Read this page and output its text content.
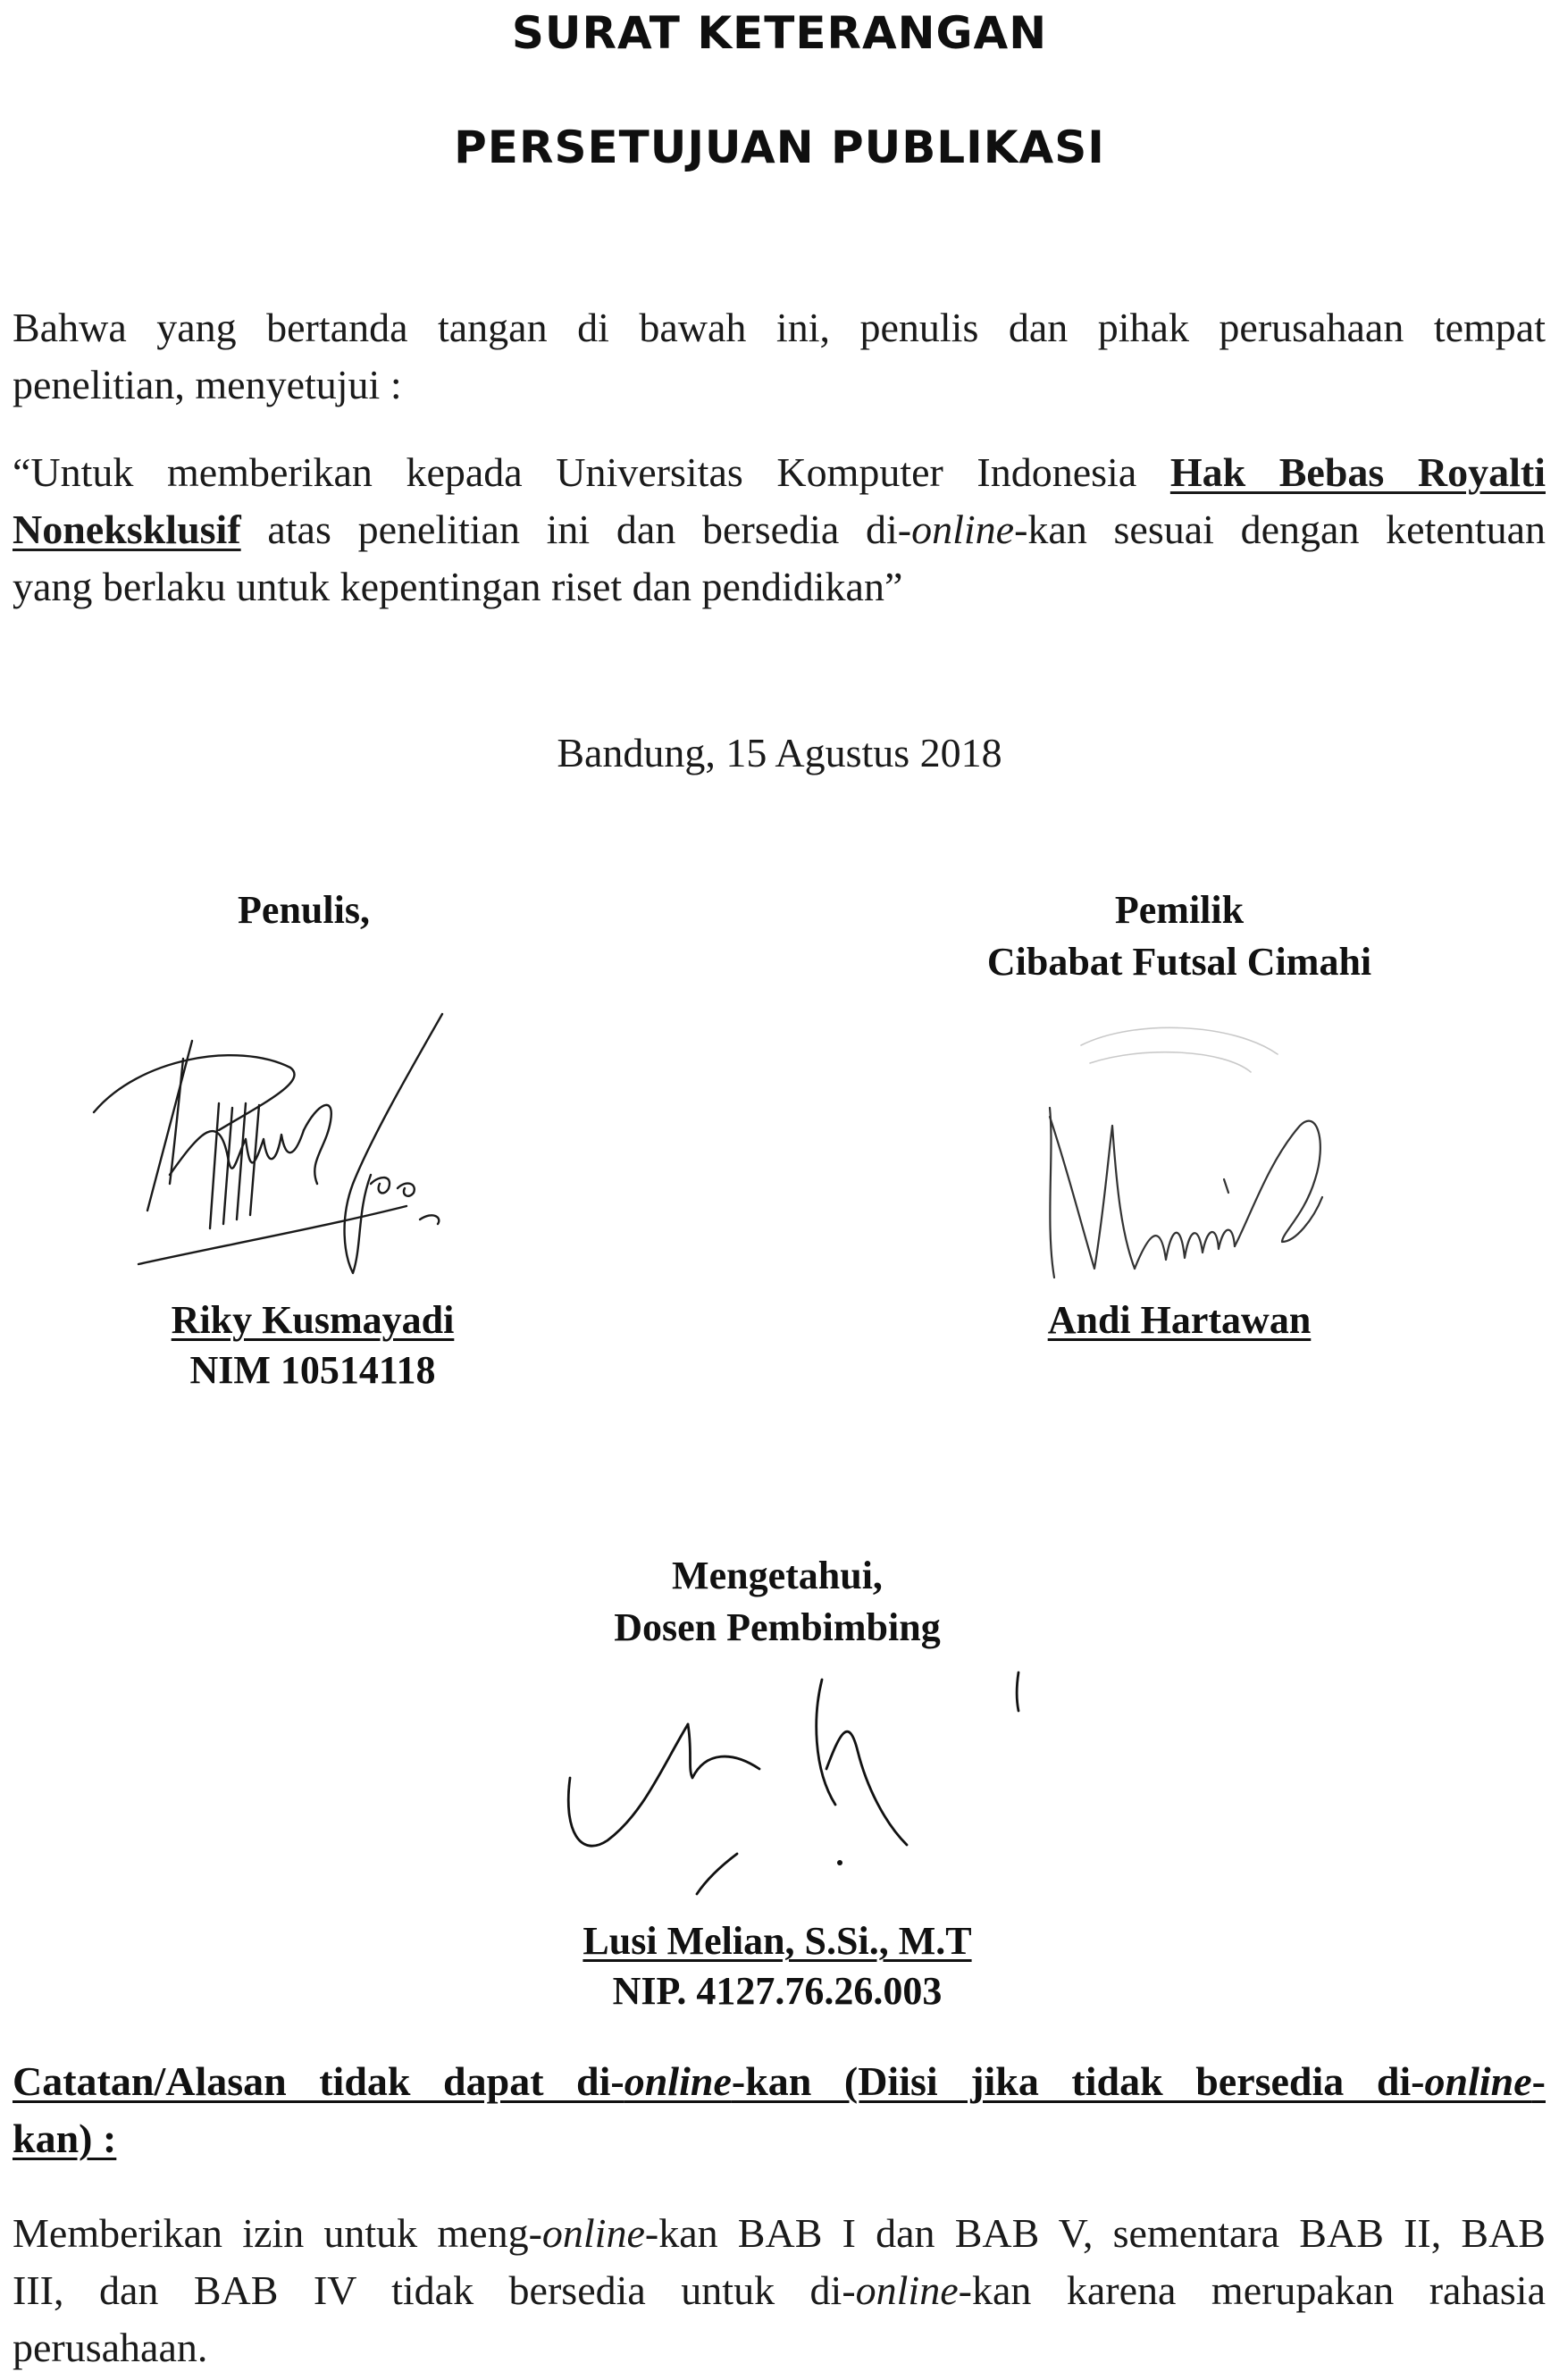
SURAT KETERANGAN
PERSETUJUAN PUBLIKASI
Bahwa yang bertanda tangan di bawah ini, penulis dan pihak perusahaan tempat
penelitian, menyetujui :
“Untuk memberikan kepada Universitas Komputer Indonesia Hak Bebas Royalti
Noneksklusif atas penelitian ini dan bersedia di-online-kan sesuai dengan ketentuan
yang berlaku untuk kepentingan riset dan pendidikan”
Bandung, 15 Agustus 2018
Penulis,
Riky Kusmayadi
NIM 10514118
Pemilik
Cibabat Futsal Cimahi
Andi Hartawan
Mengetahui,
Dosen Pembimbing
Lusi Melian, S.Si., M.T
NIP. 4127.76.26.003
Catatan/Alasan tidak dapat di-online-kan (Diisi jika tidak bersedia di-online-
kan) :
Memberikan izin untuk meng-online-kan BAB I dan BAB V, sementara BAB II, BAB
III, dan BAB IV tidak bersedia untuk di-online-kan karena merupakan rahasia
perusahaan.
